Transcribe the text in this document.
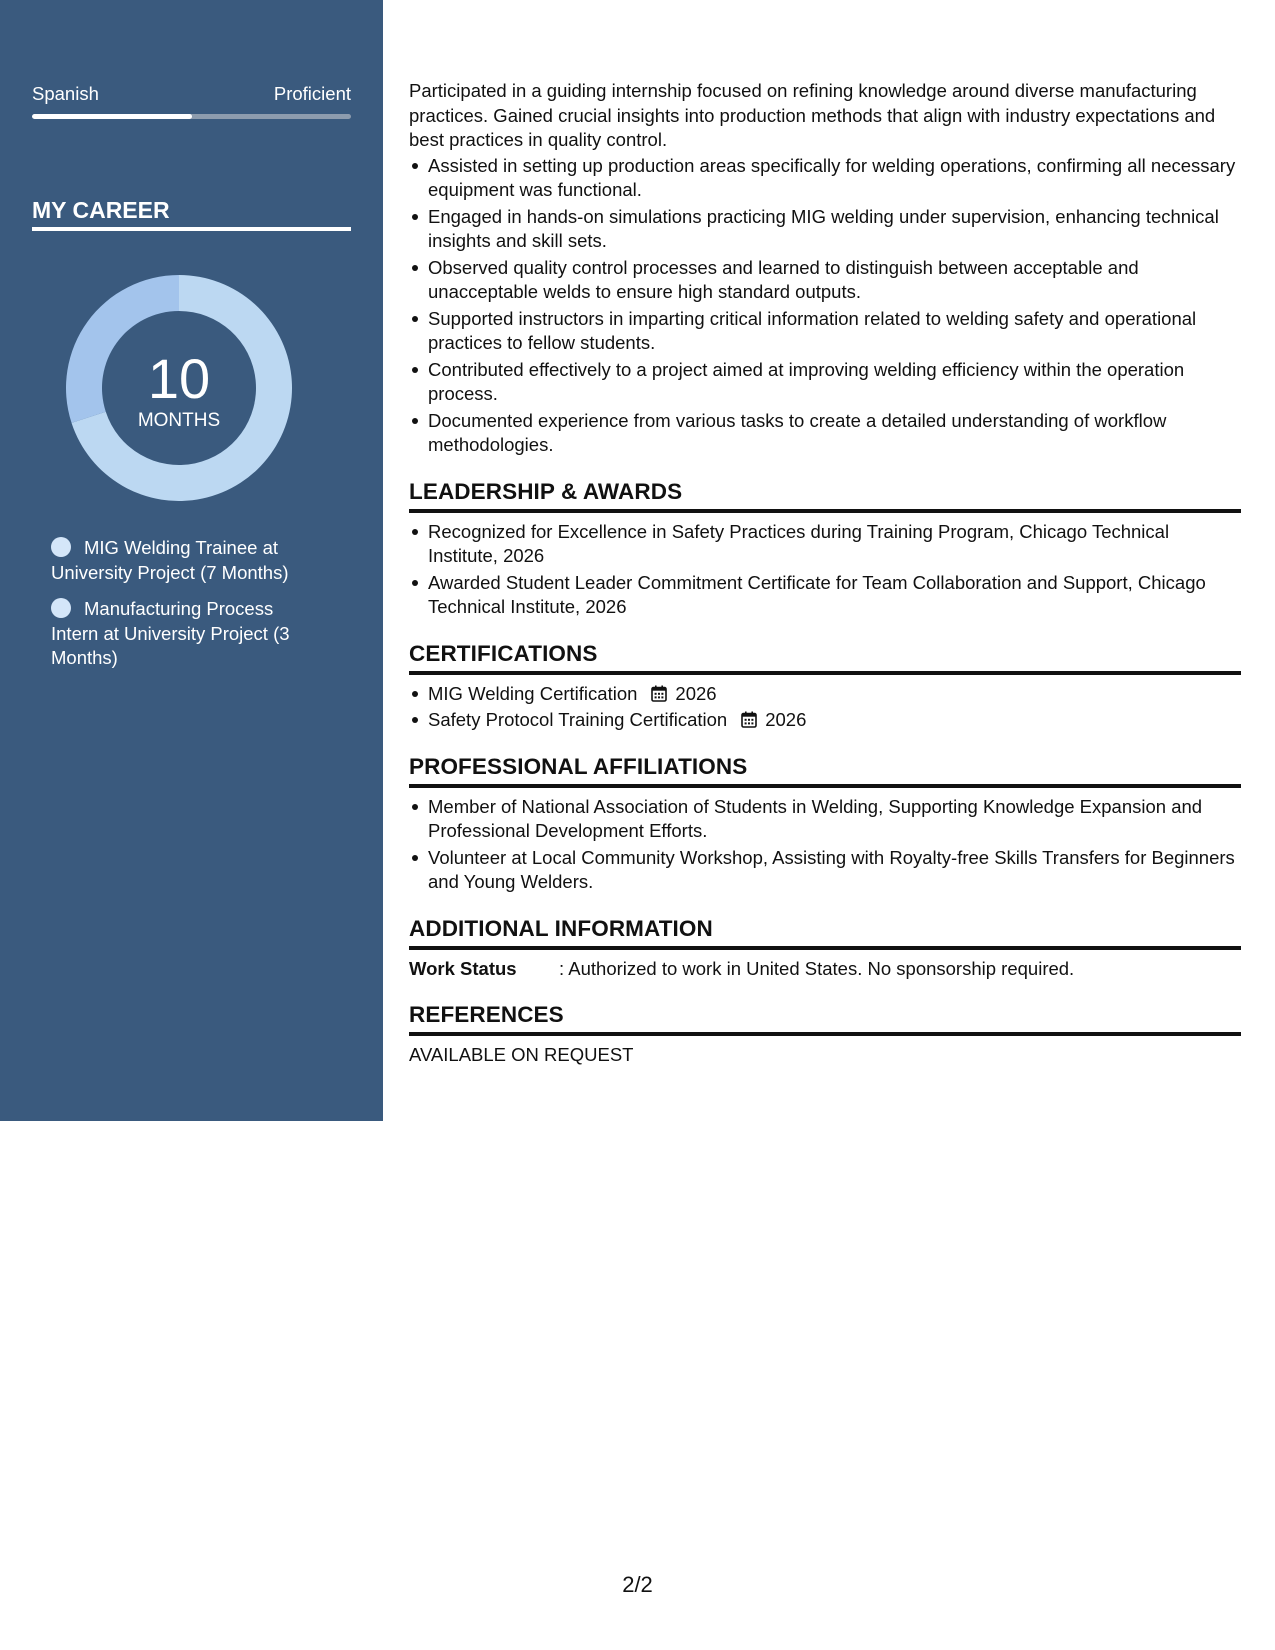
Spanish	Proficient
MY CAREER
10
MONTHS
MIG Welding Trainee at University Project (7 Months)
Manufacturing Process Intern at University Project (3 Months)

Participated in a guiding internship focused on refining knowledge around diverse manufacturing practices. Gained crucial insights into production methods that align with industry expectations and best practices in quality control.

Assisted in setting up production areas specifically for welding operations, confirming all necessary equipment was functional.
Engaged in hands-on simulations practicing MIG welding under supervision, enhancing technical insights and skill sets.
Observed quality control processes and learned to distinguish between acceptable and unacceptable welds to ensure high standard outputs.
Supported instructors in imparting critical information related to welding safety and operational practices to fellow students.
Contributed effectively to a project aimed at improving welding efficiency within the operation process.
Documented experience from various tasks to create a detailed understanding of workflow methodologies.
LEADERSHIP & AWARDS
Recognized for Excellence in Safety Practices during Training Program, Chicago Technical Institute, 2026
Awarded Student Leader Commitment Certificate for Team Collaboration and Support, Chicago Technical Institute, 2026
CERTIFICATIONS
MIG Welding Certification 2026
Safety Protocol Training Certification 2026
PROFESSIONAL AFFILIATIONS
Member of National Association of Students in Welding, Supporting Knowledge Expansion and Professional Development Efforts.
Volunteer at Local Community Workshop, Assisting with Royalty-free Skills Transfers for Beginners and Young Welders.
ADDITIONAL INFORMATION
Work Status	: Authorized to work in United States. No sponsorship required.
REFERENCES

AVAILABLE ON REQUEST

2/2
